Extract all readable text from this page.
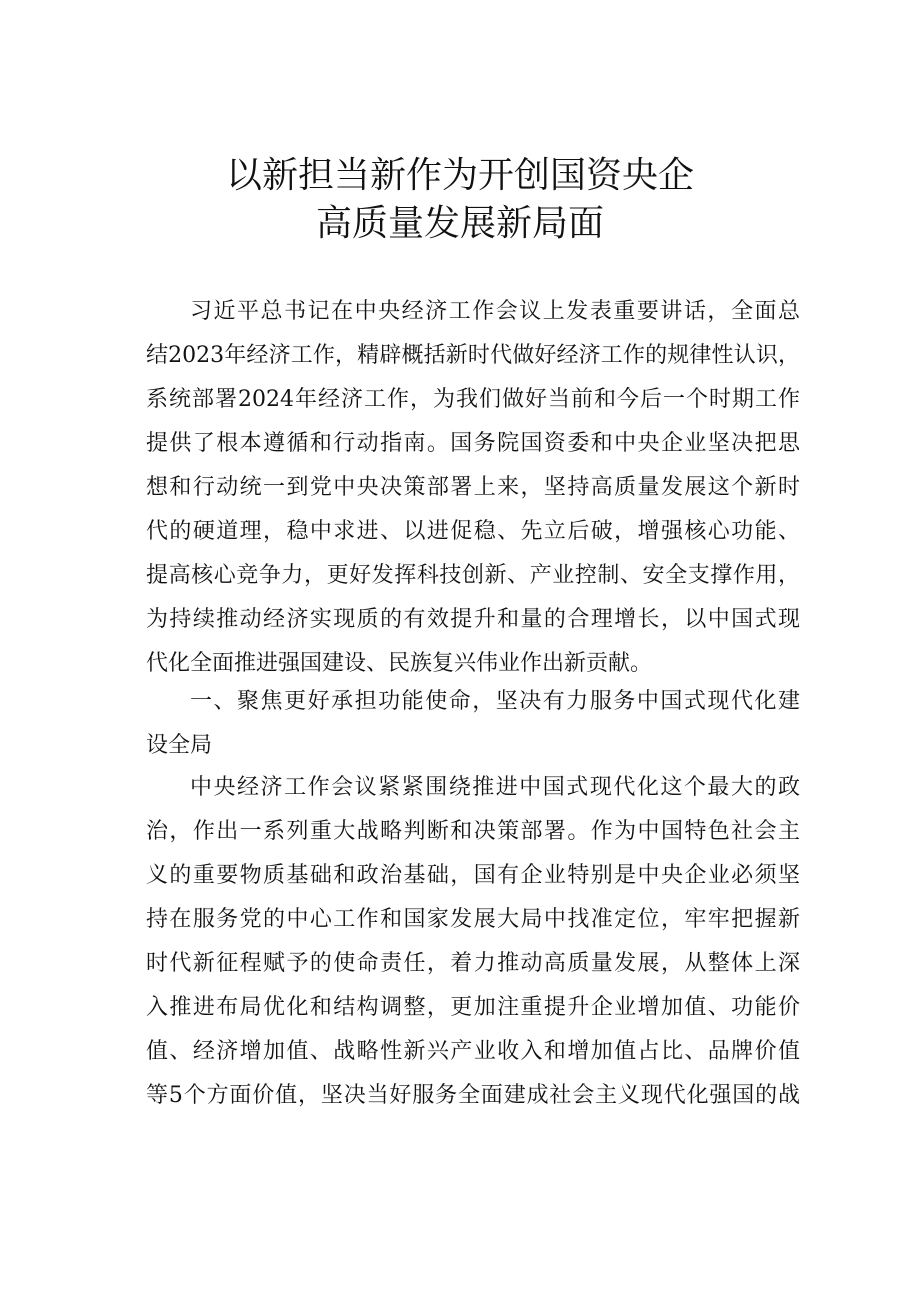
以新担当新作为开创国资央企
高质量发展新局面
习近平总书记在中央经济工作会议上发表重要讲话，全面总
结2023年经济工作，精辟概括新时代做好经济工作的规律性认识，
系统部署2024年经济工作，为我们做好当前和今后一个时期工作
提供了根本遵循和行动指南。国务院国资委和中央企业坚决把思
想和行动统一到党中央决策部署上来，坚持高质量发展这个新时
代的硬道理，稳中求进、以进促稳、先立后破，增强核心功能、
提高核心竞争力，更好发挥科技创新、产业控制、安全支撑作用，
为持续推动经济实现质的有效提升和量的合理增长，以中国式现
代化全面推进强国建设、民族复兴伟业作出新贡献。
一、聚焦更好承担功能使命，坚决有力服务中国式现代化建
设全局
中央经济工作会议紧紧围绕推进中国式现代化这个最大的政
治，作出一系列重大战略判断和决策部署。作为中国特色社会主
义的重要物质基础和政治基础，国有企业特别是中央企业必须坚
持在服务党的中心工作和国家发展大局中找准定位，牢牢把握新
时代新征程赋予的使命责任，着力推动高质量发展，从整体上深
入推进布局优化和结构调整，更加注重提升企业增加值、功能价
值、经济增加值、战略性新兴产业收入和增加值占比、品牌价值
等5个方面价值，坚决当好服务全面建成社会主义现代化强国的战
